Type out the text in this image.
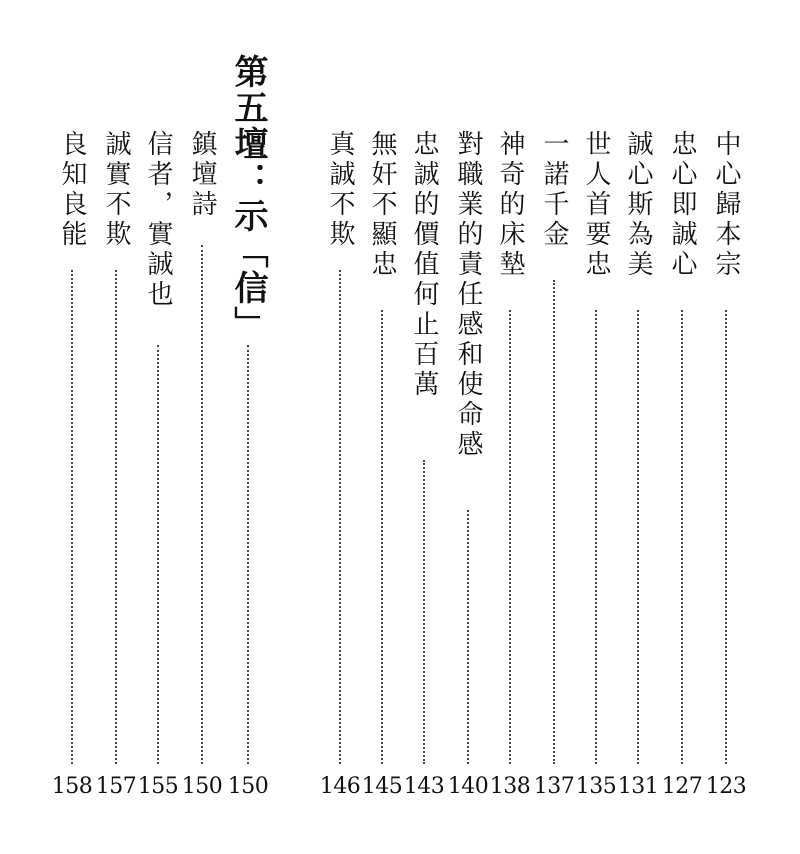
中心歸本宗
123
忠心即誠心
127
誠心斯為美
131
世人首要忠
135
一諾千金
137
神奇的床墊
138
對職業的責任感和使命感
140
忠誠的價值何止百萬
143
無奸不顯忠
145
真誠不欺
146
第五壇：示「信」
150
鎮壇詩
150
信者，實誠也
155
誠實不欺
157
良知良能
158
